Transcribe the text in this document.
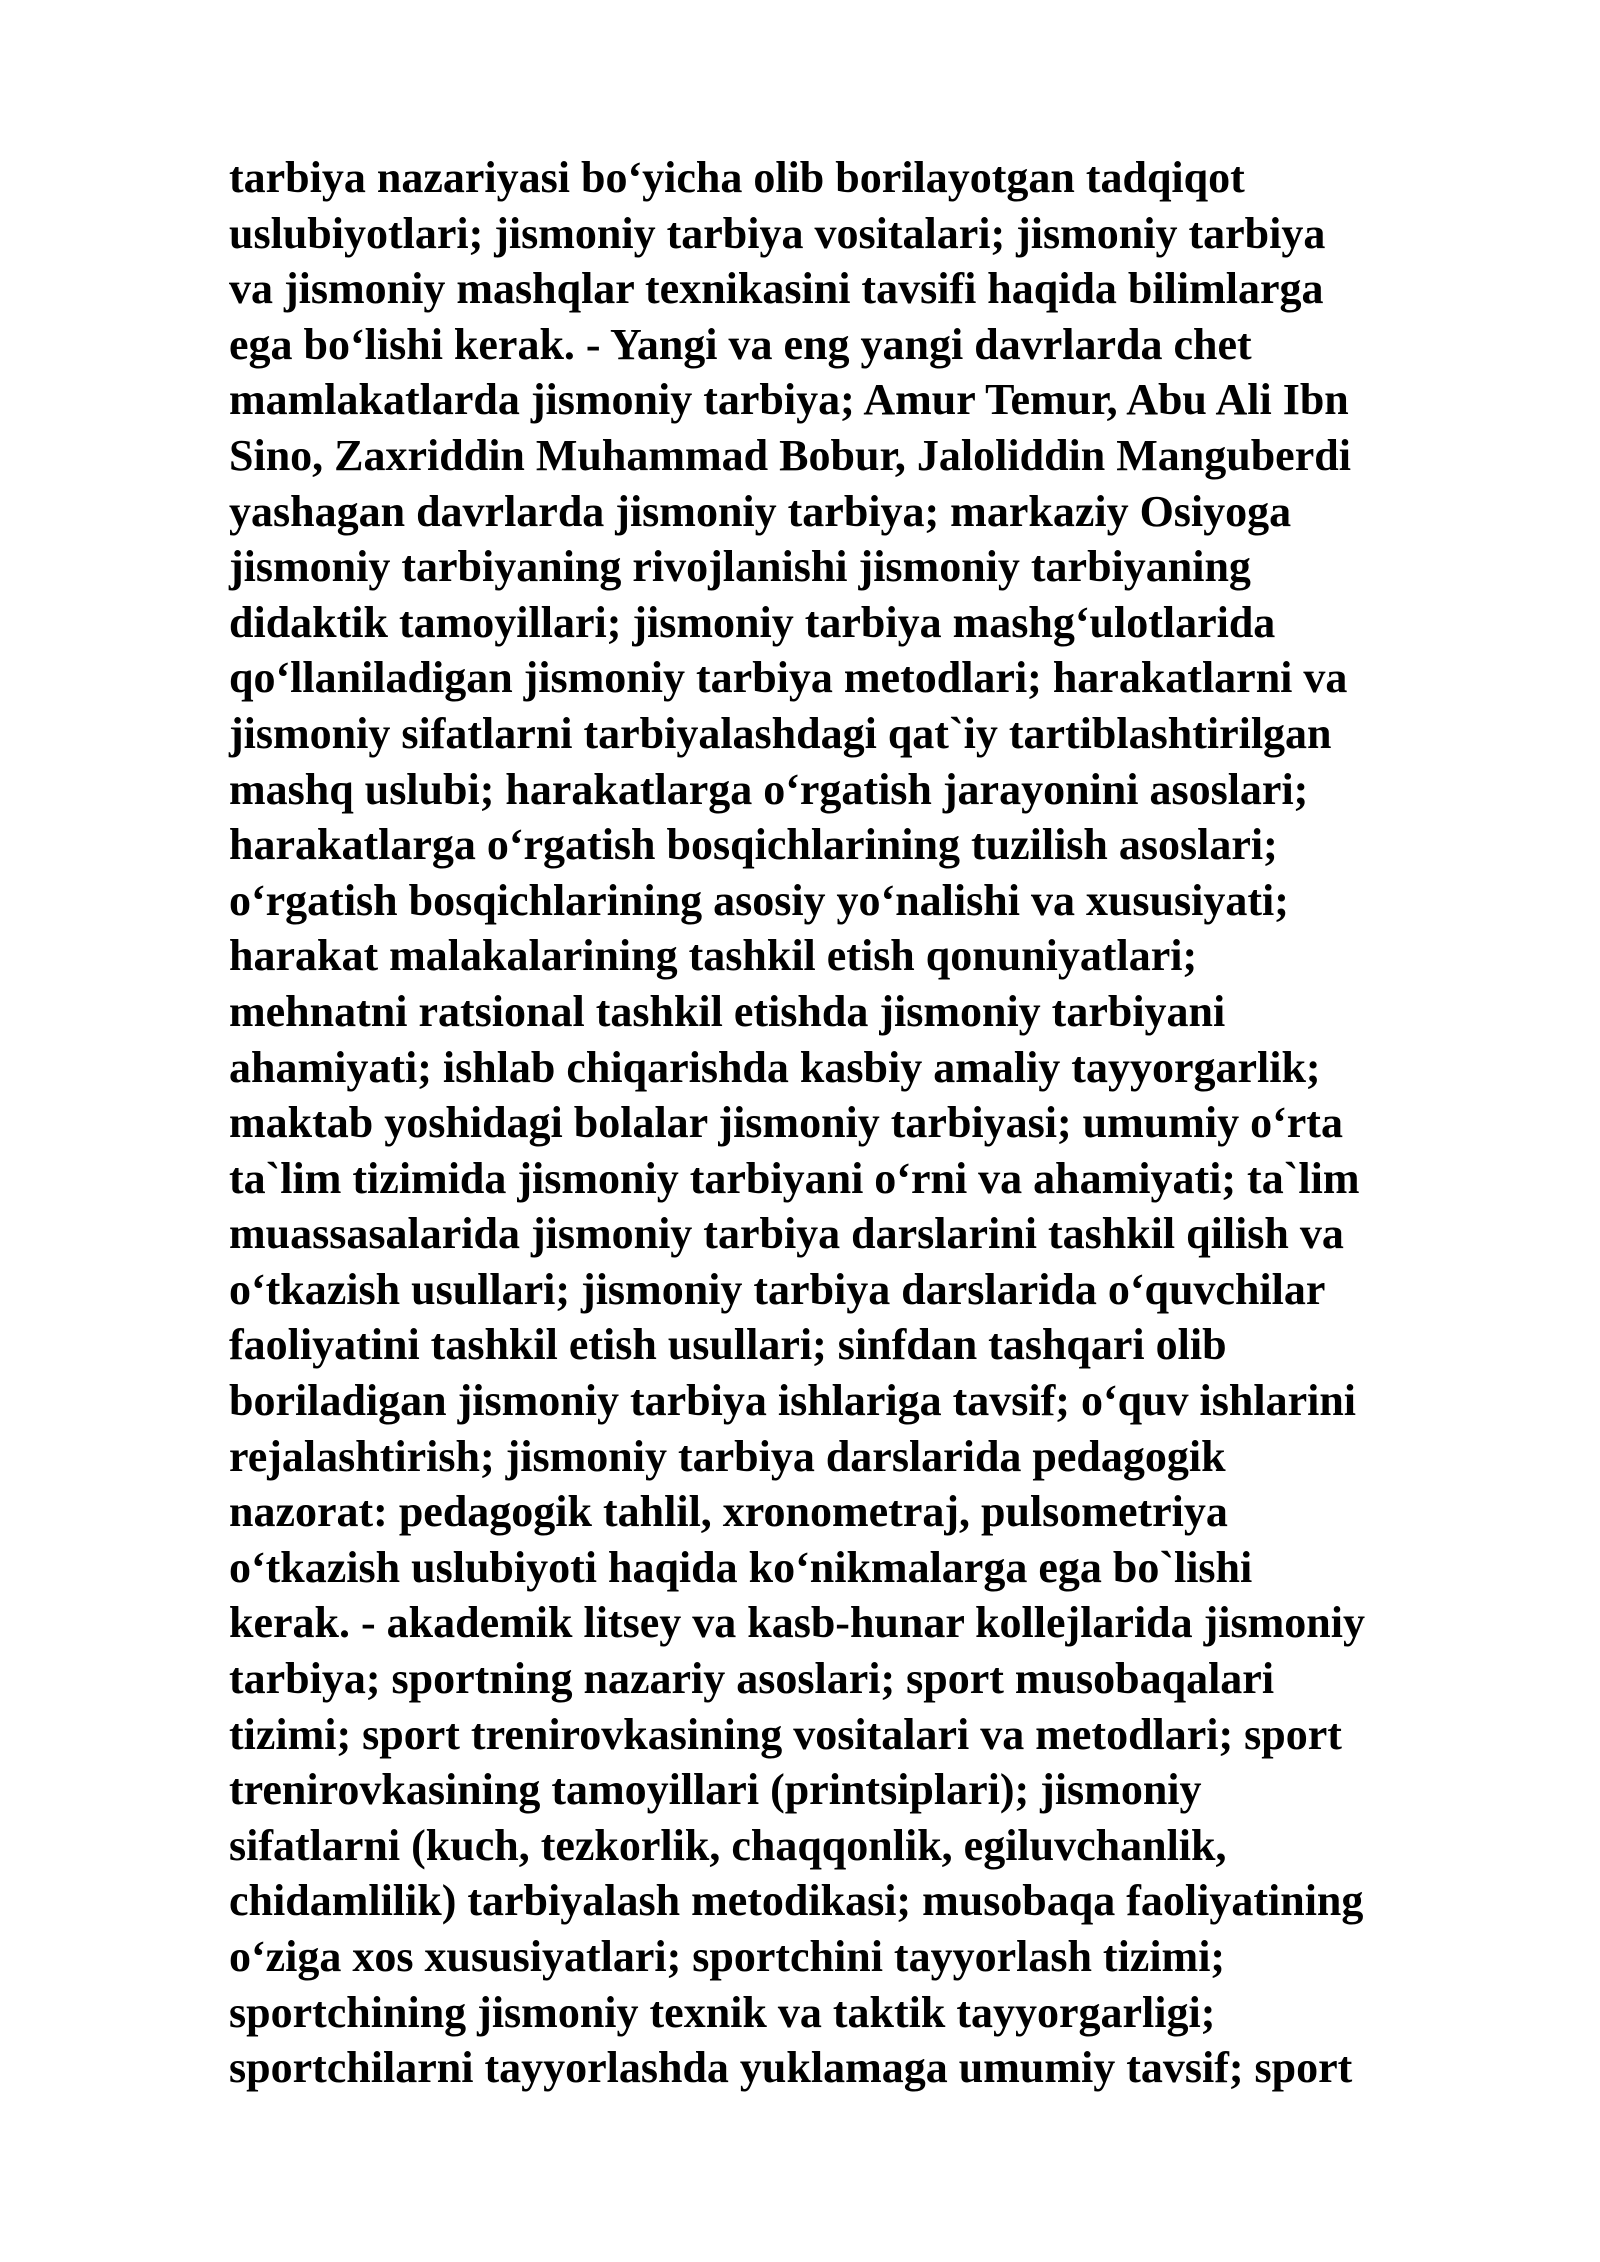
tarbiya nazariyasi bo‘yicha olib borilayotgan tadqiqot
uslubiyotlari; jismoniy tarbiya vositalari; jismoniy tarbiya
va jismoniy mashqlar texnikasini tavsifi haqida bilimlarga
ega bo‘lishi kerak. - Yangi va eng yangi davrlarda chet
mamlakatlarda jismoniy tarbiya; Amur Temur, Abu Ali Ibn
Sino, Zaxriddin Muhammad Bobur, Jaloliddin Manguberdi
yashagan davrlarda jismoniy tarbiya; markaziy Osiyoga
jismoniy tarbiyaning rivojlanishi jismoniy tarbiyaning
didaktik tamoyillari; jismoniy tarbiya mashg‘ulotlarida
qo‘llaniladigan jismoniy tarbiya metodlari; harakatlarni va
jismoniy sifatlarni tarbiyalashdagi qat`iy tartiblashtirilgan
mashq uslubi; harakatlarga o‘rgatish jarayonini asoslari;
harakatlarga o‘rgatish bosqichlarining tuzilish asoslari;
o‘rgatish bosqichlarining asosiy yo‘nalishi va xususiyati;
harakat malakalarining tashkil etish qonuniyatlari;
mehnatni ratsional tashkil etishda jismoniy tarbiyani
ahamiyati; ishlab chiqarishda kasbiy amaliy tayyorgarlik;
maktab yoshidagi bolalar jismoniy tarbiyasi; umumiy o‘rta
ta`lim tizimida jismoniy tarbiyani o‘rni va ahamiyati; ta`lim
muassasalarida jismoniy tarbiya darslarini tashkil qilish va
o‘tkazish usullari; jismoniy tarbiya darslarida o‘quvchilar
faoliyatini tashkil etish usullari; sinfdan tashqari olib
boriladigan jismoniy tarbiya ishlariga tavsif; o‘quv ishlarini
rejalashtirish; jismoniy tarbiya darslarida pedagogik
nazorat: pedagogik tahlil, xronometraj, pulsometriya
o‘tkazish uslubiyoti haqida ko‘nikmalarga ega bo`lishi
kerak. - akademik litsey va kasb-hunar kollejlarida jismoniy
tarbiya; sportning nazariy asoslari; sport musobaqalari
tizimi; sport trenirovkasining vositalari va metodlari; sport
trenirovkasining tamoyillari (printsiplari); jismoniy
sifatlarni (kuch, tezkorlik, chaqqonlik, egiluvchanlik,
chidamlilik) tarbiyalash metodikasi; musobaqa faoliyatining
o‘ziga xos xususiyatlari; sportchini tayyorlash tizimi;
sportchining jismoniy texnik va taktik tayyorgarligi;
sportchilarni tayyorlashda yuklamaga umumiy tavsif; sport
